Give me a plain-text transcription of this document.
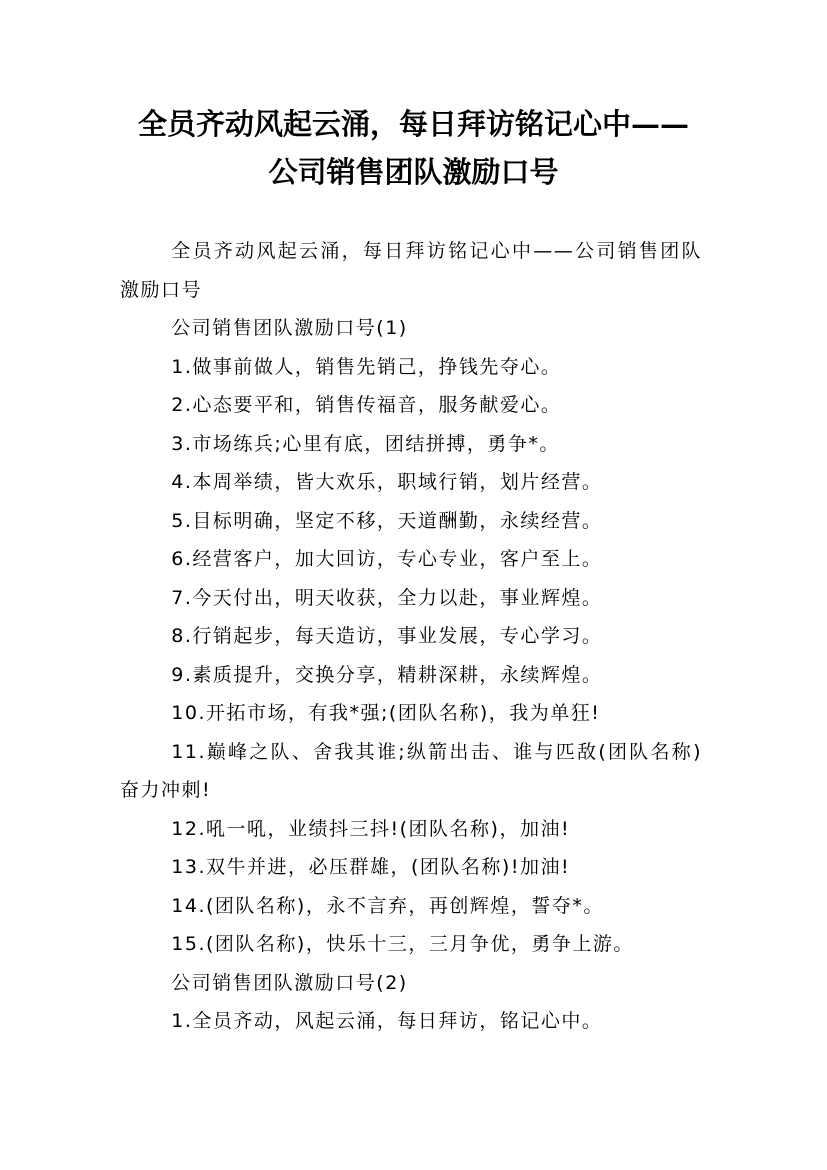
全员齐动风起云涌，每日拜访铭记心中——
公司销售团队激励口号

全员齐动风起云涌，每日拜访铭记心中——公司销售团队激励口号

公司销售团队激励口号(1)

1.做事前做人，销售先销己，挣钱先夺心。

2.心态要平和，销售传福音，服务献爱心。

3.市场练兵;心里有底，团结拼搏，勇争*。

4.本周举绩，皆大欢乐，职域行销，划片经营。

5.目标明确，坚定不移，天道酬勤，永续经营。

6.经营客户，加大回访，专心专业，客户至上。

7.今天付出，明天收获，全力以赴，事业辉煌。

8.行销起步，每天造访，事业发展，专心学习。

9.素质提升，交换分享，精耕深耕，永续辉煌。

10.开拓市场，有我*强;(团队名称)，我为单狂!

11.巅峰之队、舍我其谁;纵箭出击、谁与匹敌(团队名称)奋力冲刺!

12.吼一吼，业绩抖三抖!(团队名称)，加油!

13.双牛并进，必压群雄，(团队名称)!加油!

14.(团队名称)，永不言弃，再创辉煌，誓夺*。

15.(团队名称)，快乐十三，三月争优，勇争上游。

公司销售团队激励口号(2)

1.全员齐动，风起云涌，每日拜访，铭记心中。
